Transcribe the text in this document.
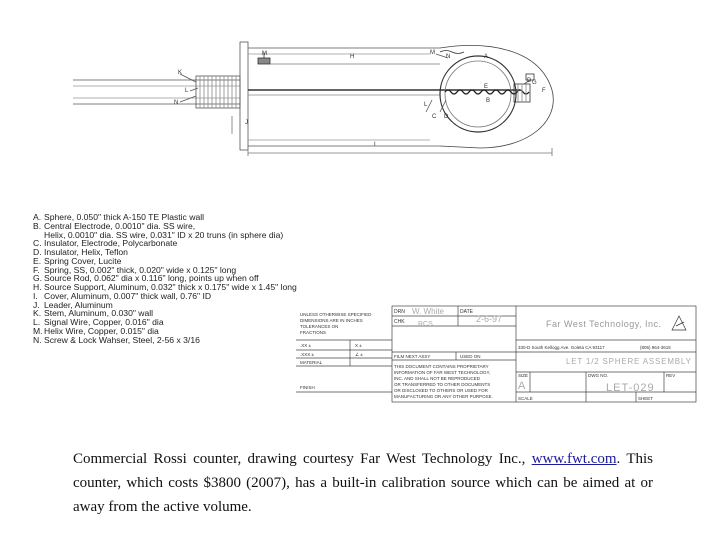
M	H
M
N	A
D G
F
E
B
K
L
N
J
L
C D
I
UNLESS OTHERWISE SPECIFIED
DIMENSIONS ARE IN INCHES
TOLERANCES ON
FRACTIONS
.XX ±	X ±
.XXX ±	∠ ±
MATERIAL
FINISH
FILM NEXT ASSY	USED ON
THIS DOCUMENT CONTAINS PROPRIETARY
INFORMATION OF FAR WEST TECHNOLOGY,
INC. AND SHALL NOT BE REPRODUCED
OR TRANSFERRED TO OTHER DOCUMENTS
OR DISCLOSED TO OTHERS OR USED FOR
MANUFACTURING OR ANY OTHER PURPOSE.
SIZE	DWG NO.	REV
DRN W. White	DATE
2-6-97
CHK RCS	Far West Technology, Inc.
330-D South Kellogg Ave. Goleta CA 93117	(805) 964-3615
LET 1/2 SPHERE ASSEMBLY
A	LET-029
SCALE	SHEET
A. Sphere, 0.050" thick A-150 TE Plastic wall
B. Central Electrode, 0.0010" dia. SS wire,
Helix, 0.0010" dia. SS wire, 0.031" ID x 20 truns (in sphere dia)
C. Insulator, Electrode, Polycarbonate
D. Insulator, Helix, Teflon
E. Spring Cover, Lucite
F. Spring, SS, 0.002" thick, 0.020" wide x 0.125" long
G. Source Rod, 0.062" dia x 0.116" long, points up when off
H. Source Support, Aluminum, 0.032" thick x 0.175" wide x 1.45" long
I. Cover, Aluminum, 0.007" thick wall, 0.76" ID
J. Leader, Aluminum
K. Stem, Aluminum, 0.030" wall
L. Signal Wire, Copper, 0.016" dia
M.Helix Wire, Copper, 0.015" dia
N. Screw & Lock Wahser, Steel, 2-56 x 3/16
Commercial Rossi counter, drawing courtesy Far West Technology Inc., www.fwt.com. This counter, which costs $3800 (2007), has a built-in calibration source which can be aimed at or away from the active volume.
